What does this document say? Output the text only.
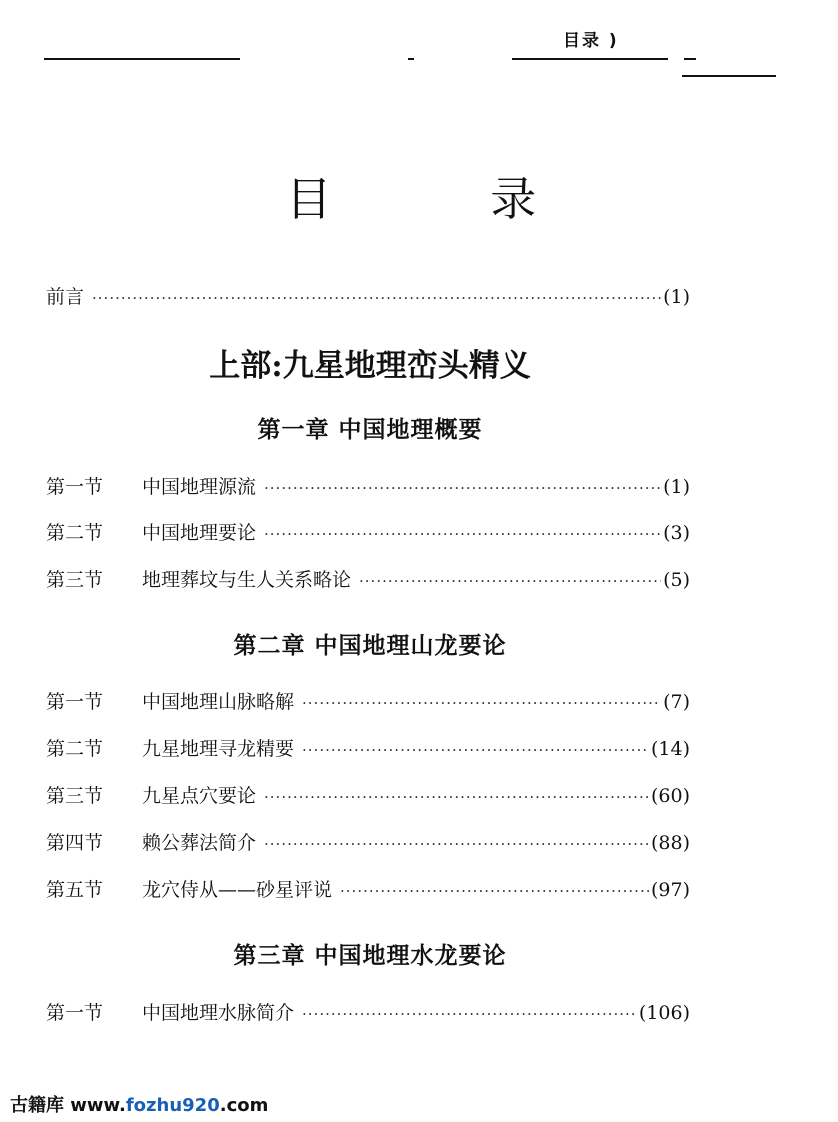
目录 )
目 录
前言 ·····	(1)
上部:九星地理峦头精义
第一章 中国地理概要
第一节	中国地理源流 ·····	(1)
第二节	中国地理要论 ·····	(3)
第三节	地理葬坟与生人关系略论 ·····	(5)
第二章 中国地理山龙要论
第一节	中国地理山脉略解 ·····	(7)
第二节	九星地理寻龙精要 ·····	(14)
第三节	九星点穴要论 ·····	(60)
第四节	赖公葬法简介 ·····	(88)
第五节	龙穴侍从——砂星评说 ·····	(97)
第三章 中国地理水龙要论
第一节	中国地理水脉简介 ·····	(106)
古籍库 www.fozhu920.com
